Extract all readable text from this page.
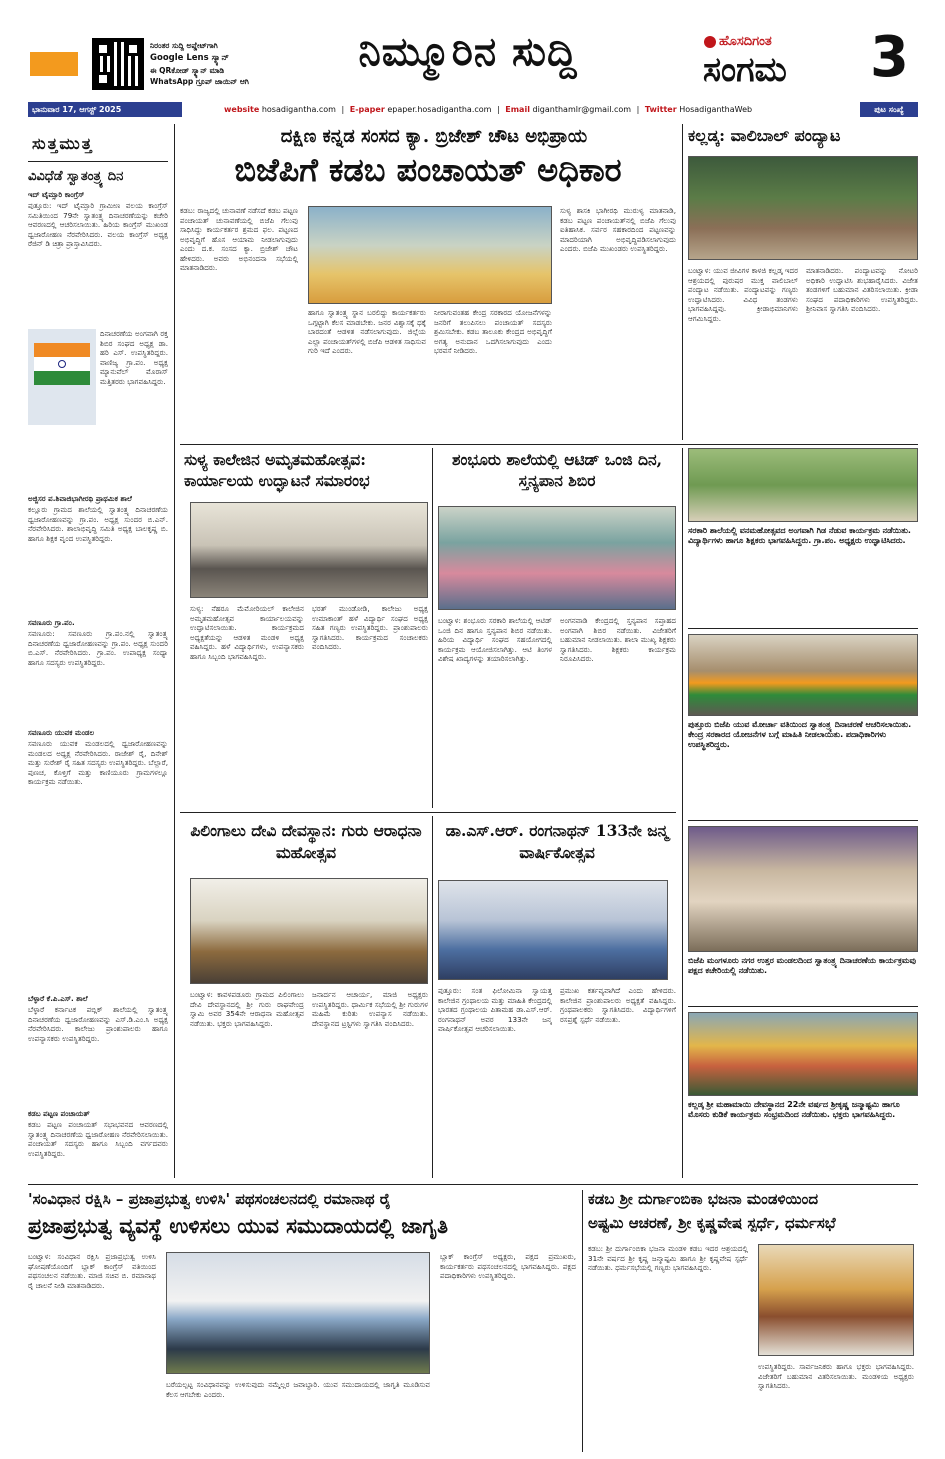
ನಿರಂತರ ಸುದ್ದಿ ಅಪ್ಡೇಟ್‌ಗಾಗಿ
Google Lens ಸ್ಕ್ಯಾನ್
ಈ QRಕೋಡ್ ಸ್ಕ್ಯಾನ್ ಮಾಡಿ
WhatsApp ಗ್ರೂಪ್ ಜಾಯಿನ್ ಆಗಿ
ನಿಮ್ಮೂರಿನ ಸುದ್ದಿ	ಹೊಸದಿಗಂತ
ಸಂಗಮ 3
ಭಾನುವಾರ 17, ಆಗಸ್ಟ್ 2025	website hosadigantha.com | E-paper epaper.hosadigantha.com | Email diganthamlr@gmail.com | Twitter HosadiganthaWeb	ಪುಟ ಸಂಖ್ಯೆ
ಸುತ್ತಮುತ್ತ
ವಿವಿಧೆಡೆ ಸ್ವಾತಂತ್ರ್ಯ ದಿನ
ಇದ್ ಟೈಮ್ಸಾರಿ ಕಾಂಗ್ರೆಸ್
ಪುತ್ತೂರು: ಇದ್ ಟೈಮ್ಸಾರಿ ಗ್ರಾಮೀಣ ವಲಯ ಕಾಂಗ್ರೆಸ್ ಸಮಿತಿಯಿಂದ 79ನೇ ಸ್ವಾತಂತ್ರ್ಯ ದಿನಾಚರಣೆಯನ್ನು ಕಚೇರಿ ಆವರಣದಲ್ಲಿ ಆಚರಿಸಲಾಯಿತು. ಹಿರಿಯ ಕಾಂಗ್ರೆಸ್ ಮುಖಂಡ ಧ್ವಜಾರೋಹಣ ನೆರವೇರಿಸಿದರು. ವಲಯ ಕಾಂಗ್ರೆಸ್ ಅಧ್ಯಕ್ಷ ರೆಜಿನ್ ಡಿ ಚಿತ್ರಾ ಪ್ರಾಸ್ತಾವಿಸಿದರು.
ದಿನಾಚರಣೆಯ ಅಂಗವಾಗಿ ರಕ್ತ ಶಿಬಿರ ಸಂಘದ ಅಧ್ಯಕ್ಷ ಡಾ. ಹರಿ ಎಸ್. ಉಪಸ್ಥಿತರಿದ್ದರು. ವಾಣಿಜ್ಯ ಗ್ರಾ.ಪಂ. ಅಧ್ಯಕ್ಷ ಮ್ಯಾನುವೆಲ್ ಮೊರಾಸ್ ಮತ್ತಿತರರು ಭಾಗವಹಿಸಿದ್ದರು.
ಅಜ್ಜಿಸರ ಪ.ಶಿವಾಜಿಭಾಗೀರಥಿ ಪ್ರಾಥಮಿಕ ಶಾಲೆ
ಕಲ್ಲೂರು ಗ್ರಾಮದ ಶಾಲೆಯಲ್ಲಿ ಸ್ವಾತಂತ್ರ್ಯ ದಿನಾಚರಣೆಯ ಧ್ವಜಾರೋಹಣವನ್ನು ಗ್ರಾ.ಪಂ. ಅಧ್ಯಕ್ಷ ಸುಂದರ ಬಿ.ಎನ್. ನೆರವೇರಿಸಿದರು. ಶಾಲಾಭಿವೃದ್ಧಿ ಸಮಿತಿ ಅಧ್ಯಕ್ಷ ಬಾಲಕೃಷ್ಣ ಬಿ. ಹಾಗೂ ಶಿಕ್ಷಕ ವೃಂದ ಉಪಸ್ಥಿತರಿದ್ದರು.
ಸವಣೂರು ಗ್ರಾ.ಪಂ.
ಸವಣೂರು: ಸವಣೂರು ಗ್ರಾ.ಪಂ.ನಲ್ಲಿ ಸ್ವಾತಂತ್ರ್ಯ ದಿನಾಚರಣೆಯ ಧ್ವಜಾರೋಹಣವನ್ನು ಗ್ರಾ.ಪಂ. ಅಧ್ಯಕ್ಷ ಸುಂದರಿ ಬಿ.ಎಸ್. ನೆರವೇರಿಸಿದರು. ಗ್ರಾ.ಪಂ. ಉಪಾಧ್ಯಕ್ಷ ಸಂಧ್ಯಾ ಹಾಗೂ ಸದಸ್ಯರು ಉಪಸ್ಥಿತರಿದ್ದರು.
ಸವಣೂರು ಯುವಕ ಮಂಡಲ
ಸವಣೂರು ಯುವಕ ಮಂಡಲದಲ್ಲಿ ಧ್ವಜಾರೋಹಣವನ್ನು ಮಂಡಲದ ಅಧ್ಯಕ್ಷ ನೆರವೇರಿಸಿದರು. ರಾಜೇಶ್ ರೈ, ದಿನೇಶ್ ಮತ್ತು ಸುರೇಶ್ ರೈ ಸಹಿತ ಸದಸ್ಯರು ಉಪಸ್ಥಿತರಿದ್ದರು. ಬೆಲ್ಲಾರೆ, ಪುಣಚ, ಕೊಳ್ತಿಗೆ ಮತ್ತು ಕಾಣಿಯೂರು ಗ್ರಾಮಗಳಲ್ಲೂ ಕಾರ್ಯಕ್ರಮ ನಡೆಯಿತು.
ಬೆಳ್ಳಾರೆ ಕೆ.ಪಿ.ಎಸ್. ಶಾಲೆ
ಬೆಳ್ಳಾರೆ ಕರ್ನಾಟಕ ಪಬ್ಲಿಕ್ ಶಾಲೆಯಲ್ಲಿ ಸ್ವಾತಂತ್ರ್ಯ ದಿನಾಚರಣೆಯ ಧ್ವಜಾರೋಹಣವನ್ನು ಎಸ್.ಡಿ.ಎಂ.ಸಿ ಅಧ್ಯಕ್ಷ ನೆರವೇರಿಸಿದರು. ಕಾಲೇಜು ಪ್ರಾಂಶುಪಾಲರು ಹಾಗೂ ಉಪನ್ಯಾಸಕರು ಉಪಸ್ಥಿತರಿದ್ದರು.
ಕಡಬ ಪಟ್ಟಣ ಪಂಚಾಯತ್
ಕಡಬ ಪಟ್ಟಣ ಪಂಚಾಯತ್ ಸಭಾಭವನದ ಆವರಣದಲ್ಲಿ ಸ್ವಾತಂತ್ರ್ಯ ದಿನಾಚರಣೆಯ ಧ್ವಜಾರೋಹಣ ನೆರವೇರಿಸಲಾಯಿತು. ಪಂಚಾಯತ್ ಸದಸ್ಯರು ಹಾಗೂ ಸಿಬ್ಬಂದಿ ವರ್ಗದವರು ಉಪಸ್ಥಿತರಿದ್ದರು.
ದಕ್ಷಿಣ ಕನ್ನಡ ಸಂಸದ ಕ್ಯಾ. ಬ್ರಿಜೇಶ್ ಚೌಟ ಅಭಿಪ್ರಾಯ
ಬಿಜೆಪಿಗೆ ಕಡಬ ಪಂಚಾಯತ್ ಅಧಿಕಾರ
ಕಡಬ: ರಾಜ್ಯದಲ್ಲಿ ಚುನಾವಣೆ ನಡೆಸದೆ ಕಡಬ ಪಟ್ಟಣ ಪಂಚಾಯತ್ ಚುನಾವಣೆಯಲ್ಲಿ ಬಿಜೆಪಿ ಗೆಲುವು ಸಾಧಿಸಿದ್ದು ಕಾರ್ಯಕರ್ತರ ಶ್ರಮದ ಫಲ. ಪಟ್ಟಣದ ಅಭಿವೃದ್ಧಿಗೆ ಹೊಸ ಆಯಾಮ ನೀಡಲಾಗುವುದು ಎಂದು ದ.ಕ. ಸಂಸದ ಕ್ಯಾ. ಬ್ರಿಜೇಶ್ ಚೌಟ ಹೇಳಿದರು. ಅವರು ಅಭಿನಂದನಾ ಸಭೆಯಲ್ಲಿ ಮಾತನಾಡಿದರು.
ಹಾಗೂ ಸ್ವಾತಂತ್ರ್ಯ ಸ್ಥಾನ ಬರಲಿದ್ದು ಕಾರ್ಯಕರ್ತರು ಒಗ್ಗಟ್ಟಾಗಿ ಕೆಲಸ ಮಾಡಬೇಕು. ಜನರ ವಿಶ್ವಾಸಕ್ಕೆ ಧಕ್ಕೆ ಬಾರದಂತೆ ಆಡಳಿತ ನಡೆಸಲಾಗುವುದು. ಜಿಲ್ಲೆಯ ಎಲ್ಲಾ ಪಂಚಾಯತ್‌ಗಳಲ್ಲಿ ಬಿಜೆಪಿ ಆಡಳಿತ ಸಾಧಿಸುವ ಗುರಿ ಇದೆ ಎಂದರು.
ನೀರಾಗುವಂತಹ ಕೇಂದ್ರ ಸರಕಾರದ ಯೋಜನೆಗಳನ್ನು ಜನರಿಗೆ ತಲುಪಿಸಲು ಪಂಚಾಯತ್ ಸದಸ್ಯರು ಶ್ರಮಿಸಬೇಕು. ಕಡಬ ತಾಲೂಕು ಕೇಂದ್ರದ ಅಭಿವೃದ್ಧಿಗೆ ಅಗತ್ಯ ಅನುದಾನ ಒದಗಿಸಲಾಗುವುದು ಎಂದು ಭರವಸೆ ನೀಡಿದರು.
ಸುಳ್ಯ ಶಾಸಕಿ ಭಾಗೀರಥಿ ಮುರುಳ್ಯ ಮಾತನಾಡಿ, ಕಡಬ ಪಟ್ಟಣ ಪಂಚಾಯತ್‌ನಲ್ಲಿ ಬಿಜೆಪಿ ಗೆಲುವು ಐತಿಹಾಸಿಕ. ಸರ್ವರ ಸಹಕಾರದಿಂದ ಪಟ್ಟಣವನ್ನು ಮಾದರಿಯಾಗಿ ಅಭಿವೃದ್ಧಿಪಡಿಸಲಾಗುವುದು ಎಂದರು. ಬಿಜೆಪಿ ಮುಖಂಡರು ಉಪಸ್ಥಿತರಿದ್ದರು.
ಕಲ್ಲಡ್ಕ: ವಾಲಿಬಾಲ್ ಪಂದ್ಯಾಟ
ಬಂಟ್ವಾಳ: ಯುವ ಜೀವಿಗಳ ಕಾಳಜಿ ಕಲ್ಲಡ್ಕ ಇದರ ಆಶ್ರಯದಲ್ಲಿ ಪುರುಷರ ಮುಕ್ತ ವಾಲಿಬಾಲ್ ಪಂದ್ಯಾಟ ನಡೆಯಿತು. ಪಂದ್ಯಾಟವನ್ನು ಗಣ್ಯರು ಉದ್ಘಾಟಿಸಿದರು. ವಿವಿಧ ತಂಡಗಳು ಭಾಗವಹಿಸಿದ್ದವು. ಕ್ರೀಡಾಭಿಮಾನಿಗಳು ಆಗಮಿಸಿದ್ದರು.
ಮಾತನಾಡಿದರು. ಪಂದ್ಯಾಟವನ್ನು ನೋಟರಿ ಅಧಿಕಾರಿ ಉದ್ಘಾಟಿಸಿ ಶುಭಹಾರೈಸಿದರು. ವಿಜೇತ ತಂಡಗಳಿಗೆ ಬಹುಮಾನ ವಿತರಿಸಲಾಯಿತು. ಕ್ರೀಡಾ ಸಂಘದ ಪದಾಧಿಕಾರಿಗಳು ಉಪಸ್ಥಿತರಿದ್ದರು. ಶ್ರೀನಿವಾಸ ಸ್ವಾಗತಿಸಿ ವಂದಿಸಿದರು.
ಸುಳ್ಯ ಕಾಲೇಜಿನ ಅಮೃತಮಹೋತ್ಸವ: ಕಾರ್ಯಾಲಯ ಉದ್ಘಾಟನೆ ಸಮಾರಂಭ
ಸುಳ್ಯ: ನೆಹರೂ ಮೆಮೋರಿಯಲ್ ಕಾಲೇಜಿನ ಅಮೃತಮಹೋತ್ಸವ ಕಾರ್ಯಾಲಯವನ್ನು ಉದ್ಘಾಟಿಸಲಾಯಿತು. ಕಾರ್ಯಕ್ರಮದ ಅಧ್ಯಕ್ಷತೆಯನ್ನು ಆಡಳಿತ ಮಂಡಳಿ ಅಧ್ಯಕ್ಷ ವಹಿಸಿದ್ದರು. ಹಳೆ ವಿದ್ಯಾರ್ಥಿಗಳು, ಉಪನ್ಯಾಸಕರು ಹಾಗೂ ಸಿಬ್ಬಂದಿ ಭಾಗವಹಿಸಿದ್ದರು.
ಭರತ್ ಮುಂಡೋಡಿ, ಕಾಲೇಜು ಅಧ್ಯಕ್ಷ ಉಮಾಕಾಂತ್ ಹಳೆ ವಿದ್ಯಾರ್ಥಿ ಸಂಘದ ಅಧ್ಯಕ್ಷ ಸಹಿತ ಗಣ್ಯರು ಉಪಸ್ಥಿತರಿದ್ದರು. ಪ್ರಾಂಶುಪಾಲರು ಸ್ವಾಗತಿಸಿದರು. ಕಾರ್ಯಕ್ರಮದ ಸಂಚಾಲಕರು ವಂದಿಸಿದರು.
ಶಂಭೂರು ಶಾಲೆಯಲ್ಲಿ ಆಟಿಡ್ ಒಂಜಿ ದಿನ, ಸ್ತನ್ಯಪಾನ ಶಿಬಿರ
ಬಂಟ್ವಾಳ: ಶಂಭೂರು ಸರಕಾರಿ ಶಾಲೆಯಲ್ಲಿ ಆಟಿಡ್ ಒಂಜಿ ದಿನ ಹಾಗೂ ಸ್ತನ್ಯಪಾನ ಶಿಬಿರ ನಡೆಯಿತು. ಹಿರಿಯ ವಿದ್ಯಾರ್ಥಿ ಸಂಘದ ಸಹಯೋಗದಲ್ಲಿ ಕಾರ್ಯಕ್ರಮ ಆಯೋಜಿಸಲಾಗಿತ್ತು. ಆಟಿ ತಿಂಗಳ ವಿಶೇಷ ಖಾದ್ಯಗಳನ್ನು ತಯಾರಿಸಲಾಗಿತ್ತು.
ಅಂಗನವಾಡಿ ಕೇಂದ್ರದಲ್ಲಿ ಸ್ತನ್ಯಪಾನ ಸಪ್ತಾಹದ ಅಂಗವಾಗಿ ಶಿಬಿರ ನಡೆಯಿತು. ವಿಜೇತರಿಗೆ ಬಹುಮಾನ ನೀಡಲಾಯಿತು. ಶಾಲಾ ಮುಖ್ಯ ಶಿಕ್ಷಕರು ಸ್ವಾಗತಿಸಿದರು. ಶಿಕ್ಷಕರು ಕಾರ್ಯಕ್ರಮ ನಿರೂಪಿಸಿದರು.
ಪಿಲಿಂಗಾಲು ದೇವಿ ದೇವಸ್ಥಾನ: ಗುರು ಆರಾಧನಾ ಮಹೋತ್ಸವ
ಬಂಟ್ವಾಳ: ಕಾವಳಪಡೂರು ಗ್ರಾಮದ ಪಿಲಿಂಗಾಲು ದೇವಿ ದೇವಸ್ಥಾನದಲ್ಲಿ ಶ್ರೀ ಗುರು ರಾಘವೇಂದ್ರ ಸ್ವಾಮಿ ಅವರ 354ನೇ ಆರಾಧನಾ ಮಹೋತ್ಸವ ನಡೆಯಿತು. ಭಕ್ತರು ಭಾಗವಹಿಸಿದ್ದರು.
ಜನಾರ್ದನ ಆಚಾರ್ಯ, ಮಾಜಿ ಅಧ್ಯಕ್ಷರು ಉಪಸ್ಥಿತರಿದ್ದರು. ಧಾರ್ಮಿಕ ಸಭೆಯಲ್ಲಿ ಶ್ರೀ ಗುರುಗಳ ಮಹಿಮೆ ಕುರಿತು ಉಪನ್ಯಾಸ ನಡೆಯಿತು. ದೇವಸ್ಥಾನದ ಟ್ರಸ್ಟಿಗಳು ಸ್ವಾಗತಿಸಿ ವಂದಿಸಿದರು.
ಡಾ.ಎಸ್.ಆರ್. ರಂಗನಾಥನ್ 133ನೇ ಜನ್ಮ ವಾರ್ಷಿಕೋತ್ಸವ
ಪುತ್ತೂರು: ಸಂತ ಫಿಲೋಮಿನಾ ಸ್ವಾಯತ್ತ ಕಾಲೇಜಿನ ಗ್ರಂಥಾಲಯ ಮತ್ತು ಮಾಹಿತಿ ಕೇಂದ್ರದಲ್ಲಿ ಭಾರತದ ಗ್ರಂಥಾಲಯ ಪಿತಾಮಹ ಡಾ.ಎಸ್.ಆರ್. ರಂಗನಾಥನ್ ಅವರ 133ನೇ ಜನ್ಮ ವಾರ್ಷಿಕೋತ್ಸವ ಆಚರಿಸಲಾಯಿತು.
ಪ್ರಮುಖ ಕರ್ತವ್ಯವಾಗಿದೆ ಎಂದು ಹೇಳಿದರು. ಕಾಲೇಜಿನ ಪ್ರಾಂಶುಪಾಲರು ಅಧ್ಯಕ್ಷತೆ ವಹಿಸಿದ್ದರು. ಗ್ರಂಥಪಾಲಕರು ಸ್ವಾಗತಿಸಿದರು. ವಿದ್ಯಾರ್ಥಿಗಳಿಗೆ ರಸಪ್ರಶ್ನೆ ಸ್ಪರ್ಧೆ ನಡೆಯಿತು.
ಸರಕಾರಿ ಶಾಲೆಯಲ್ಲಿ ವನಮಹೋತ್ಸವದ ಅಂಗವಾಗಿ ಗಿಡ ನೆಡುವ ಕಾರ್ಯಕ್ರಮ ನಡೆಯಿತು. ವಿದ್ಯಾರ್ಥಿಗಳು ಹಾಗೂ ಶಿಕ್ಷಕರು ಭಾಗವಹಿಸಿದ್ದರು. ಗ್ರಾ.ಪಂ. ಅಧ್ಯಕ್ಷರು ಉದ್ಘಾಟಿಸಿದರು.
ಪುತ್ತೂರು ಬಿಜೆಪಿ ಯುವ ಮೋರ್ಚಾ ವತಿಯಿಂದ ಸ್ವಾತಂತ್ರ್ಯ ದಿನಾಚರಣೆ ಆಚರಿಸಲಾಯಿತು. ಕೇಂದ್ರ ಸರಕಾರದ ಯೋಜನೆಗಳ ಬಗ್ಗೆ ಮಾಹಿತಿ ನೀಡಲಾಯಿತು. ಪದಾಧಿಕಾರಿಗಳು ಉಪಸ್ಥಿತರಿದ್ದರು.
ಬಿಜೆಪಿ ಮಂಗಳೂರು ನಗರ ಉತ್ತರ ಮಂಡಲದಿಂದ ಸ್ವಾತಂತ್ರ್ಯ ದಿನಾಚರಣೆಯ ಕಾರ್ಯಕ್ರಮವು ಪಕ್ಷದ ಕಚೇರಿಯಲ್ಲಿ ನಡೆಯಿತು.
ಕಲ್ಲಡ್ಕ ಶ್ರೀ ಮಹಾಮಾಯಿ ದೇವಸ್ಥಾನದ 22ನೇ ವರ್ಷದ ಶ್ರೀಕೃಷ್ಣ ಜನ್ಮಾಷ್ಟಮಿ ಹಾಗೂ ಮೊಸರು ಕುಡಿಕೆ ಕಾರ್ಯಕ್ರಮ ಸಂಭ್ರಮದಿಂದ ನಡೆಯಿತು. ಭಕ್ತರು ಭಾಗವಹಿಸಿದ್ದರು.
'ಸಂವಿಧಾನ ರಕ್ಷಿಸಿ – ಪ್ರಜಾಪ್ರಭುತ್ವ ಉಳಿಸಿ' ಪಥಸಂಚಲನದಲ್ಲಿ ರಮಾನಾಥ ರೈ
ಪ್ರಜಾಪ್ರಭುತ್ವ ವ್ಯವಸ್ಥೆ ಉಳಿಸಲು ಯುವ ಸಮುದಾಯದಲ್ಲಿ ಜಾಗೃತಿ
ಬಂಟ್ವಾಳ: ಸಂವಿಧಾನ ರಕ್ಷಿಸಿ ಪ್ರಜಾಪ್ರಭುತ್ವ ಉಳಿಸಿ ಘೋಷಣೆಯೊಂದಿಗೆ ಬ್ಲಾಕ್ ಕಾಂಗ್ರೆಸ್ ವತಿಯಿಂದ ಪಥಸಂಚಲನ ನಡೆಯಿತು. ಮಾಜಿ ಸಚಿವ ಬಿ. ರಮಾನಾಥ ರೈ ಚಾಲನೆ ನೀಡಿ ಮಾತನಾಡಿದರು.
ಬರೆಯಲ್ಪಟ್ಟ ಸಂವಿಧಾನವನ್ನು ಉಳಿಸುವುದು ನಮ್ಮೆಲ್ಲರ ಜವಾಬ್ದಾರಿ. ಯುವ ಸಮುದಾಯದಲ್ಲಿ ಜಾಗೃತಿ ಮೂಡಿಸುವ ಕೆಲಸ ಆಗಬೇಕು ಎಂದರು.
ಬ್ಲಾಕ್ ಕಾಂಗ್ರೆಸ್ ಅಧ್ಯಕ್ಷರು, ಪಕ್ಷದ ಪ್ರಮುಖರು, ಕಾರ್ಯಕರ್ತರು ಪಥಸಂಚಲನದಲ್ಲಿ ಭಾಗವಹಿಸಿದ್ದರು. ಪಕ್ಷದ ಪದಾಧಿಕಾರಿಗಳು ಉಪಸ್ಥಿತರಿದ್ದರು.
ಕಡಬ ಶ್ರೀ ದುರ್ಗಾಂಬಿಕಾ ಭಜನಾ ಮಂಡಳಿಯಿಂದ
ಅಷ್ಟಮಿ ಆಚರಣೆ, ಶ್ರೀ ಕೃಷ್ಣವೇಷ ಸ್ಪರ್ಧೆ, ಧರ್ಮಸಭೆ
ಕಡಬ: ಶ್ರೀ ದುರ್ಗಾಂಬಿಕಾ ಭಜನಾ ಮಂಡಳಿ ಕಡಬ ಇದರ ಆಶ್ರಯದಲ್ಲಿ 31ನೇ ವರ್ಷದ ಶ್ರೀ ಕೃಷ್ಣ ಜನ್ಮಾಷ್ಟಮಿ ಹಾಗೂ ಶ್ರೀ ಕೃಷ್ಣವೇಷ ಸ್ಪರ್ಧೆ ನಡೆಯಿತು. ಧರ್ಮಸಭೆಯಲ್ಲಿ ಗಣ್ಯರು ಭಾಗವಹಿಸಿದ್ದರು.
ಉಪಸ್ಥಿತರಿದ್ದರು. ಸಾರ್ವಜನಿಕರು ಹಾಗೂ ಭಕ್ತರು ಭಾಗವಹಿಸಿದ್ದರು. ವಿಜೇತರಿಗೆ ಬಹುಮಾನ ವಿತರಿಸಲಾಯಿತು. ಮಂಡಳಿಯ ಅಧ್ಯಕ್ಷರು ಸ್ವಾಗತಿಸಿದರು.
